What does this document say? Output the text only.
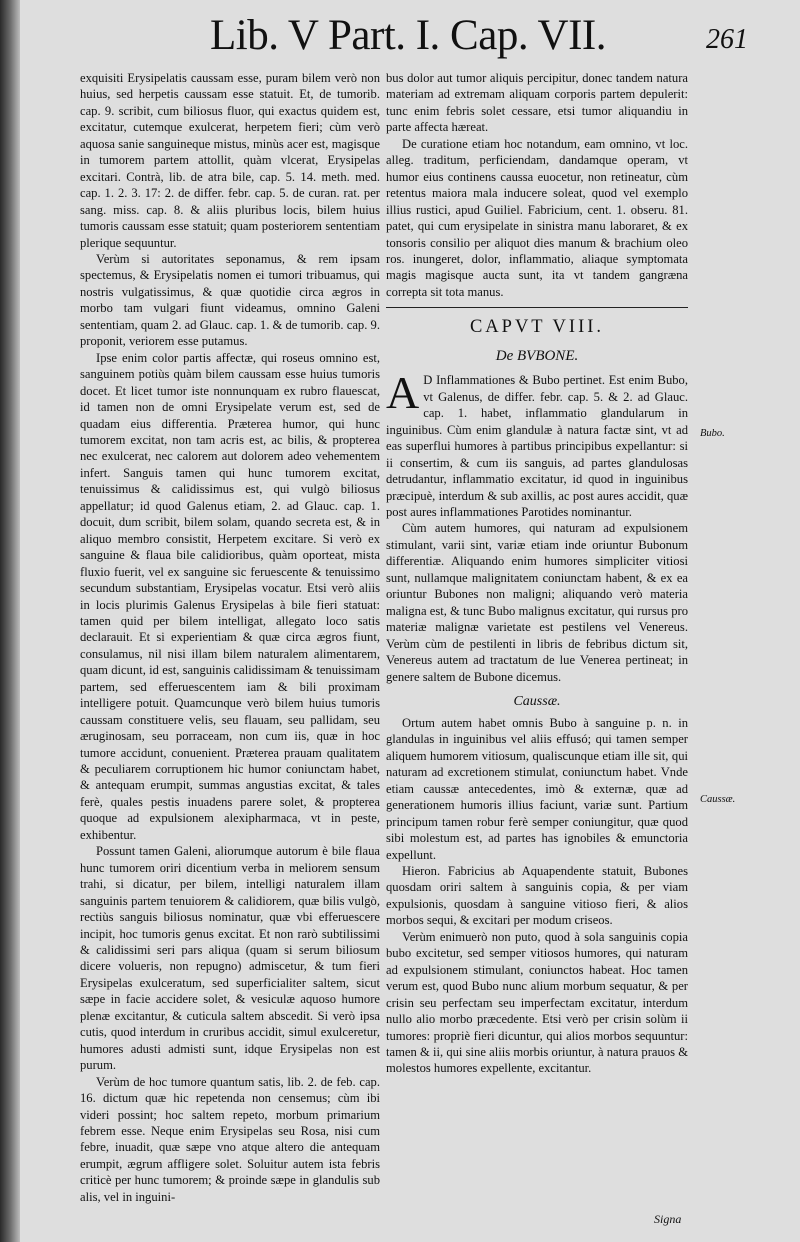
Lib. V Part. I. Cap. VII.	261

exquisiti Erysipelatis caussam esse, puram bilem verò non huius, sed herpetis caussam esse statuit. Et, de tumorib. cap. 9. scribit, cum biliosus fluor, qui exactus quidem est, excitatur, cutemque exulcerat, herpetem fieri; cùm verò aquosa sanie sanguineque mistus, minùs acer est, magisque in tumorem partem attollit, quàm vlcerat, Erysipelas excitari. Contrà, lib. de atra bile, cap. 5. 14. meth. med. cap. 1. 2. 3. 17: 2. de differ. febr. cap. 5. de curan. rat. per sang. miss. cap. 8. & aliis pluribus locis, bilem huius tumoris caussam esse statuit; quam posteriorem sententiam plerique sequuntur.

Verùm si autoritates seponamus, & rem ipsam spectemus, & Erysipelatis nomen ei tumori tribuamus, qui nostris vulgatissimus, & quæ quotidie circa ægros in morbo tam vulgari fiunt videamus, omnino Galeni sententiam, quam 2. ad Glauc. cap. 1. & de tumorib. cap. 9. proponit, veriorem esse putamus.

Ipse enim color partis affectæ, qui roseus omnino est, sanguinem potiùs quàm bilem caussam esse huius tumoris docet. Et licet tumor iste nonnunquam ex rubro flauescat, id tamen non de omni Erysipelate verum est, sed de quadam eius differentia. Præterea humor, qui hunc tumorem excitat, non tam acris est, ac bilis, & propterea nec exulcerat, nec calorem aut dolorem adeo vehementem infert. Sanguis tamen qui hunc tumorem excitat, tenuissimus & calidissimus est, qui vulgò biliosus appellatur; id quod Galenus etiam, 2. ad Glauc. cap. 1. docuit, dum scribit, bilem solam, quando secreta est, & in aliquo membro consistit, Herpetem excitare. Si verò ex sanguine & flaua bile calidioribus, quàm oporteat, mista fluxio fuerit, vel ex sanguine sic feruescente & tenuissimo secundum substantiam, Erysipelas vocatur. Etsi verò aliis in locis plurimis Galenus Erysipelas à bile fieri statuat: tamen quid per bilem intelligat, allegato loco satis declarauit. Et si experientiam & quæ circa ægros fiunt, consulamus, nil nisi illam bilem naturalem alimentarem, quam dicunt, id est, sanguinis calidissimam & tenuissimam partem, sed efferuescentem iam & bili proximam intelligere potuit. Quamcunque verò bilem huius tumoris caussam constituere velis, seu flauam, seu pallidam, seu æruginosam, seu porraceam, non cum iis, quæ in hoc tumore accidunt, conuenient. Præterea prauam qualitatem & peculiarem corruptionem hic humor coniunctam habet, & antequam erumpit, summas angustias excitat, & tales ferè, quales pestis inuadens parere solet, & propterea quoque ad expulsionem alexipharmaca, vt in peste, exhibentur.

Possunt tamen Galeni, aliorumque autorum è bile flaua hunc tumorem oriri dicentium verba in meliorem sensum trahi, si dicatur, per bilem, intelligi naturalem illam sanguinis partem tenuiorem & calidiorem, quæ bilis vulgò, rectiùs sanguis biliosus nominatur, quæ vbi efferuescere incipit, hoc tumoris genus excitat. Et non rarò subtilissimi & calidissimi seri pars aliqua (quam si serum biliosum dicere volueris, non repugno) admiscetur, & tum fieri Erysipelas exulceratum, sed superficialiter saltem, sicut sæpe in facie accidere solet, & vesiculæ aquoso humore plenæ excitantur, & cuticula saltem abscedit. Si verò ipsa cutis, quod interdum in cruribus accidit, simul exulceretur, humores adusti admisti sunt, idque Erysipelas non est purum.

Verùm de hoc tumore quantum satis, lib. 2. de feb. cap. 16. dictum quæ hic repetenda non censemus; cùm ibi videri possint; hoc saltem repeto, morbum primarium febrem esse. Neque enim Erysipelas seu Rosa, nisi cum febre, inuadit, quæ sæpe vno atque altero die antequam erumpit, ægrum affligere solet. Soluitur autem ista febris criticè per hunc tumorem; & proinde sæpe in glandulis sub alis, vel in inguini-

bus dolor aut tumor aliquis percipitur, donec tandem natura materiam ad extremam aliquam corporis partem depulerit: tunc enim febris solet cessare, etsi tumor aliquandiu in parte affecta hæreat.

De curatione etiam hoc notandum, eam omnino, vt loc. alleg. traditum, perficiendam, dandamque operam, vt humor eius continens caussa euocetur, non retineatur, cùm retentus maiora mala inducere soleat, quod vel exemplo illius rustici, apud Guiliel. Fabricium, cent. 1. obseru. 81. patet, qui cum erysipelate in sinistra manu laboraret, & ex tonsoris consilio per aliquot dies manum & brachium oleo ros. inungeret, dolor, inflammatio, aliaque symptomata magis magisque aucta sunt, ita vt tandem gangræna correpta sit tota manus.

CAPVT VIII.
De BVBONE.

A D Inflammationes & Bubo pertinet. Est enim Bubo, vt Galenus, de differ. febr. cap. 5. & 2. ad Glauc. cap. 1. habet, inflammatio glandularum in inguinibus. Cùm enim glandulæ à natura factæ sint, vt ad eas superflui humores à partibus principibus expellantur: si ii consertim, & cum iis sanguis, ad partes glandulosas detrudantur, inflammatio excitatur, id quod in inguinibus præcipuè, interdum & sub axillis, ac post aures accidit, quæ post aures inflammationes Parotides nominantur.

Cùm autem humores, qui naturam ad expulsionem stimulant, varii sint, variæ etiam inde oriuntur Bubonum differentiæ. Aliquando enim humores simpliciter vitiosi sunt, nullamque malignitatem coniunctam habent, & ex ea oriuntur Bubones non maligni; aliquando verò materia maligna est, & tunc Bubo malignus excitatur, qui rursus pro materiæ malignæ varietate est pestilens vel Venereus. Verùm cùm de pestilenti in libris de febribus dictum sit, Venereus autem ad tractatum de lue Venerea pertineat; in genere saltem de Bubone dicemus.

Caussæ.

Ortum autem habet omnis Bubo à sanguine p. n. in glandulas in inguinibus vel aliis effusó; qui tamen semper aliquem humorem vitiosum, qualiscunque etiam ille sit, qui naturam ad excretionem stimulat, coniunctum habet. Vnde etiam caussæ antecedentes, imò & externæ, quæ ad generationem humoris illius faciunt, variæ sunt. Partium principum tamen robur ferè semper coniungitur, quæ quod sibi molestum est, ad partes has ignobiles & emunctoria expellunt.

Hieron. Fabricius ab Aquapendente statuit, Bubones quosdam oriri saltem à sanguinis copia, & per viam expulsionis, quosdam à sanguine vitioso fieri, & alios morbos sequi, & excitari per modum criseos.

Verùm enimuerò non puto, quod à sola sanguinis copia bubo excitetur, sed semper vitiosos humores, qui naturam ad expulsionem stimulant, coniunctos habeat. Hoc tamen verum est, quod Bubo nunc alium morbum sequatur, & per crisin seu perfectam seu imperfectam excitatur, interdum nullo alio morbo præcedente. Etsi verò per crisin solùm ii tumores: propriè fieri dicuntur, qui alios morbos sequuntur: tamen & ii, qui sine aliis morbis oriuntur, à natura prauos & molestos humores expellente, excitantur.

Bubo.
Caussæ.
Signa
